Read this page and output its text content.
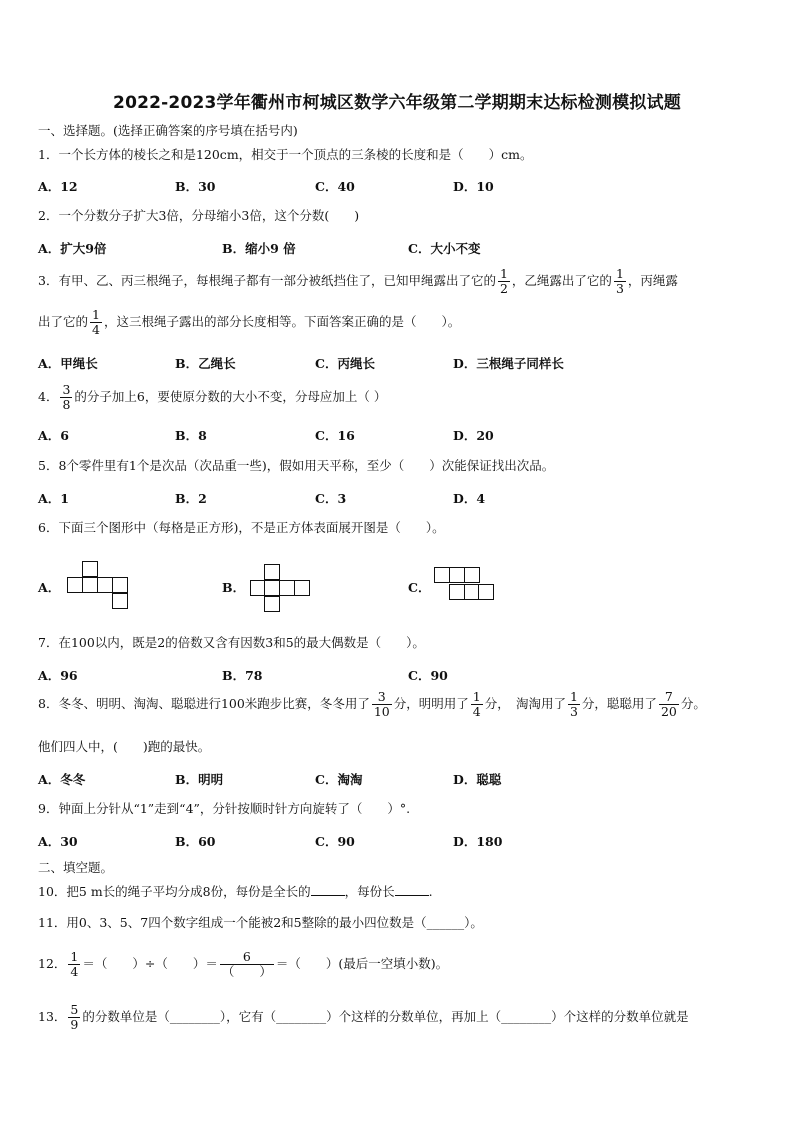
2022-2023学年衢州市柯城区数学六年级第二学期期末达标检测模拟试题
一、选择题。(选择正确答案的序号填在括号内)
1．一个长方体的棱长之和是120cm，相交于一个顶点的三条棱的长度和是（　　）cm。
A．12	B．30	C．40	D．10
2．一个分数分子扩大3倍，分母缩小3倍，这个分数(　　)
A．扩大9倍	B．缩小9 倍	C．大小不变
3．有甲、乙、丙三根绳子，每根绳子都有一部分被纸挡住了，已知甲绳露出了它的 $\frac{1}{2}$ ，乙绳露出了它的 $\frac{1}{3}$ ，丙绳露
出了它的 $\frac{1}{4}$ ，这三根绳子露出的部分长度相等。下面答案正确的是（　　）。
A．甲绳长	B．乙绳长	C．丙绳长	D．三根绳子同样长
4． $\frac{3}{8}$ 的分子加上6，要使原分数的大小不变，分母应加上（ ）
A．6	B．8	C．16	D．20
5．8个零件里有1个是次品（次品重一些)，假如用天平称，至少（　　）次能保证找出次品。
A．1	B．2	C．3	D．4
6．下面三个图形中（每格是正方形)，不是正方体表面展开图是（　　）。
A．	B．	C．
7．在100以内，既是2的倍数又含有因数3和5的最大偶数是（　　）。
A．96	B．78	C．90
8．冬冬、明明、淘淘、聪聪进行100米跑步比赛，冬冬用了 $\frac{3}{10}$ 分，明明用了 $\frac{1}{4}$ 分，　淘淘用了 $\frac{1}{3}$ 分，聪聪用了 $\frac{7}{20}$ 分。
他们四人中，(　　)跑的最快。
A．冬冬	B．明明	C．淘淘	D．聪聪
9．钟面上分针从“1”走到“4”，分针按顺时针方向旋转了（　　）°.
A．30	B．60	C．90	D．180
二、填空题。
10．把5 m长的绳子平均分成8份，每份是全长的	，每份长	.
11．用0、3、5、7四个数字组成一个能被2和5整除的最小四位数是（______）。
12． $\frac{1}{4}$ ＝（　　）÷（　　）＝ $\frac{6}{( )}$ ＝（　　）(最后一空填小数)。
13． $\frac{5}{9}$ 的分数单位是（________），它有（________）个这样的分数单位，再加上（________）个这样的分数单位就是
